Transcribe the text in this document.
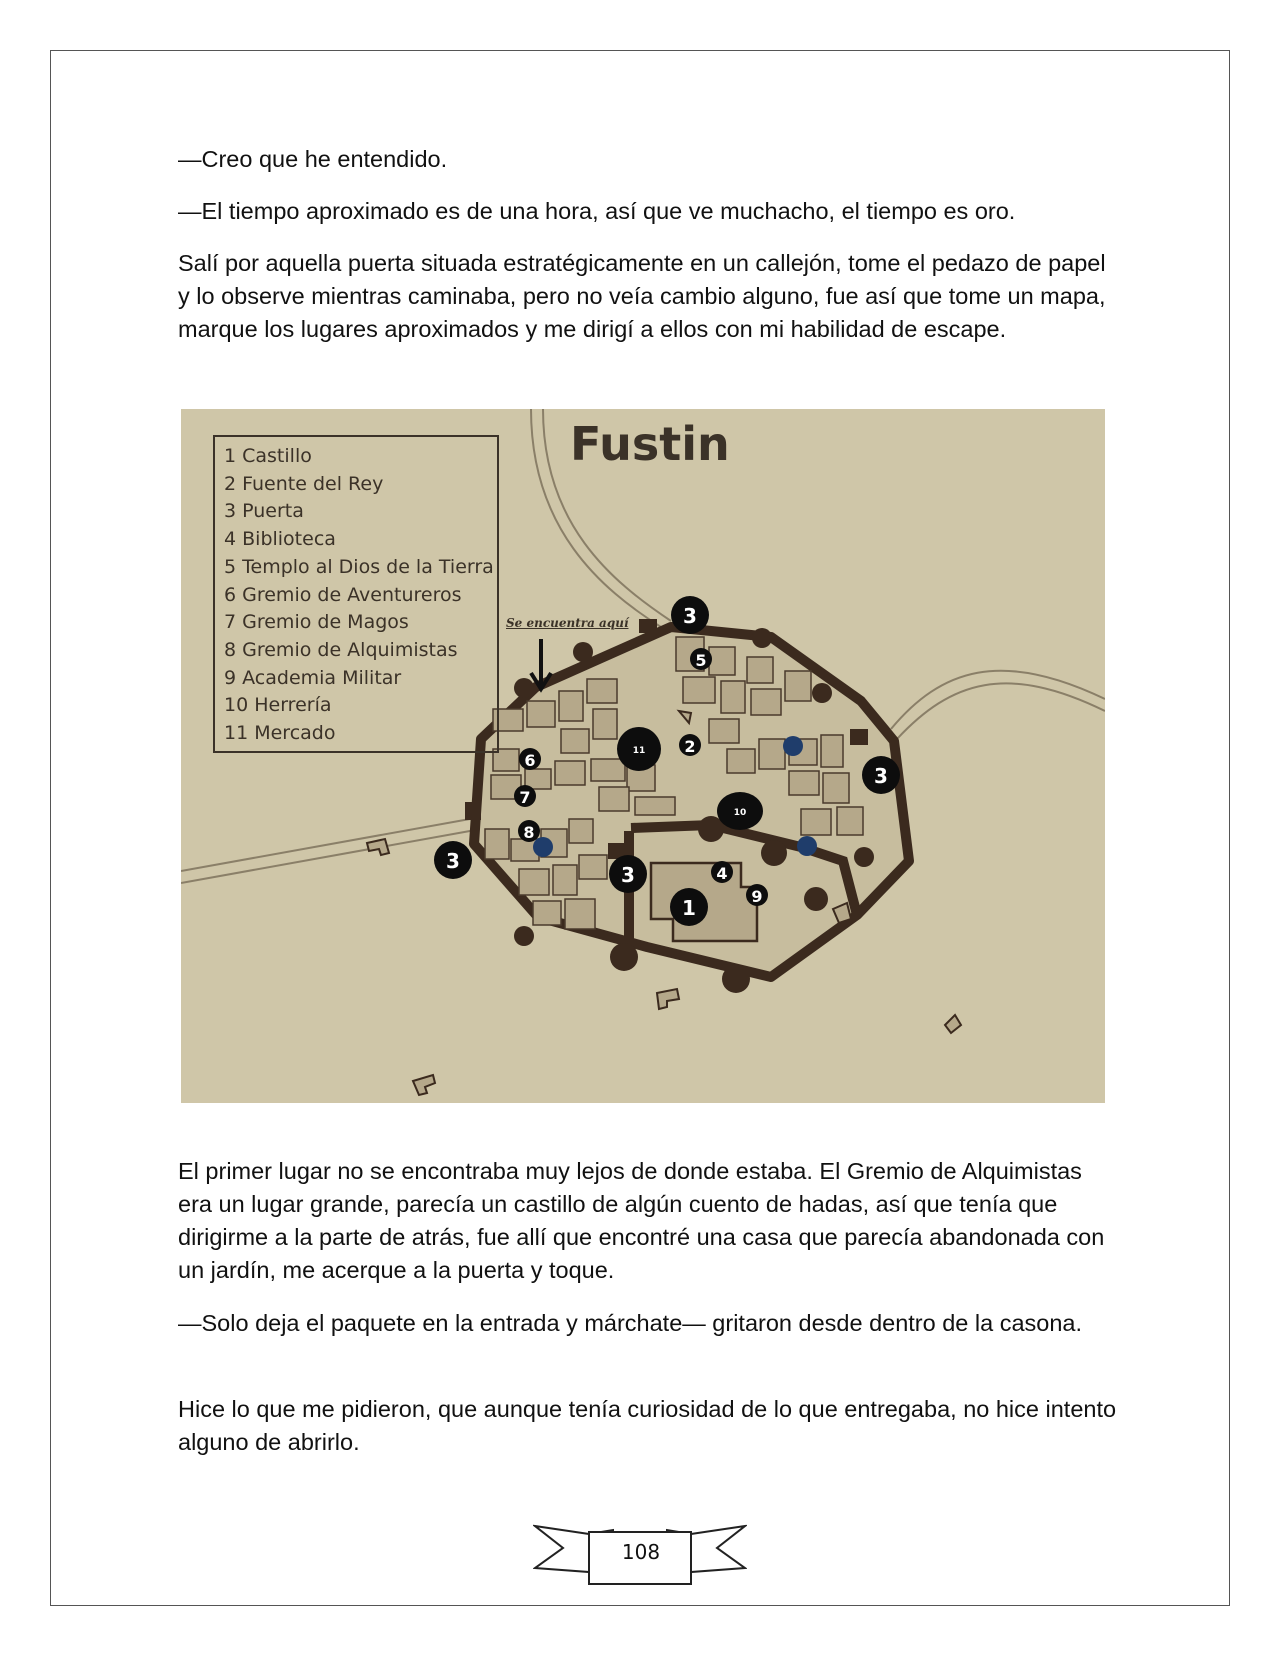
—Creo que he entendido.

—El tiempo aproximado es de una hora, así que ve muchacho, el tiempo es oro.

Salí por aquella puerta situada estratégicamente en un callejón, tome el pedazo de papel y lo observe mientras caminaba, pero no veía cambio alguno, fue así que tome un mapa, marque los lugares aproximados y me dirigí a ellos con mi habilidad de escape.

3
5
11 2
6
7
8
3
3	4
1	9
10
3
Fustin
Se encuentra aquí
1 Castillo
2 Fuente del Rey
3 Puerta
4 Biblioteca
5 Templo al Dios de la Tierra
6 Gremio de Aventureros
7 Gremio de Magos
8 Gremio de Alquimistas
9 Academia Militar
10 Herrería
11 Mercado

El primer lugar no se encontraba muy lejos de donde estaba. El Gremio de Alquimistas era un lugar grande, parecía un castillo de algún cuento de hadas, así que tenía que dirigirme a la parte de atrás, fue allí que encontré una casa que parecía abandonada con un jardín, me acerque a la puerta y toque.

—Solo deja el paquete en la entrada y márchate— gritaron desde dentro de la casona.

Hice lo que me pidieron, que aunque tenía curiosidad de lo que entregaba, no hice intento alguno de abrirlo.

108
